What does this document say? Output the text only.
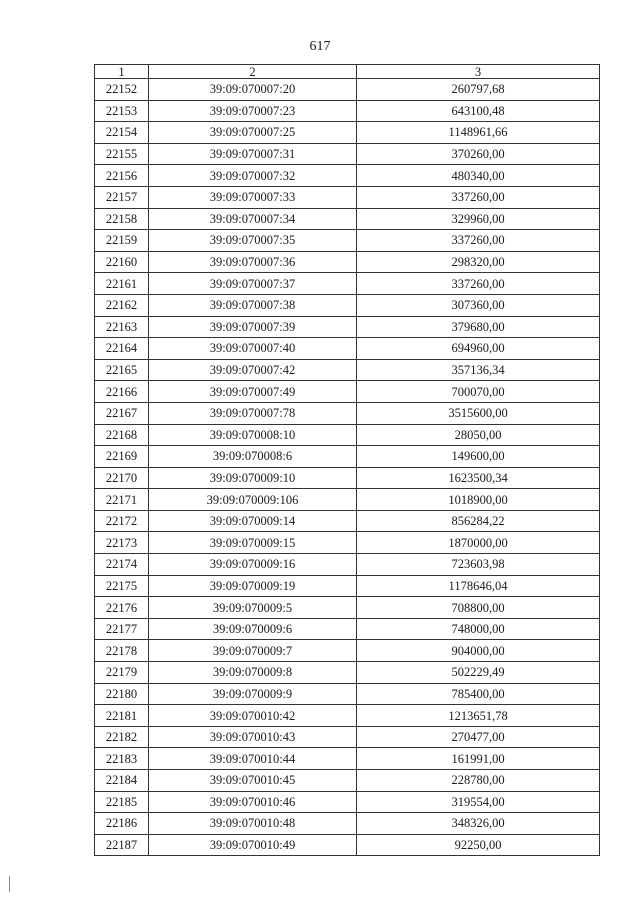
617
1	2	3
22152	39:09:070007:20	260797,68
22153	39:09:070007:23	643100,48
22154	39:09:070007:25	1148961,66
22155	39:09:070007:31	370260,00
22156	39:09:070007:32	480340,00
22157	39:09:070007:33	337260,00
22158	39:09:070007:34	329960,00
22159	39:09:070007:35	337260,00
22160	39:09:070007:36	298320,00
22161	39:09:070007:37	337260,00
22162	39:09:070007:38	307360,00
22163	39:09:070007:39	379680,00
22164	39:09:070007:40	694960,00
22165	39:09:070007:42	357136,34
22166	39:09:070007:49	700070,00
22167	39:09:070007:78	3515600,00
22168	39:09:070008:10	28050,00
22169	39:09:070008:6	149600,00
22170	39:09:070009:10	1623500,34
22171	39:09:070009:106	1018900,00
22172	39:09:070009:14	856284,22
22173	39:09:070009:15	1870000,00
22174	39:09:070009:16	723603,98
22175	39:09:070009:19	1178646,04
22176	39:09:070009:5	708800,00
22177	39:09:070009:6	748000,00
22178	39:09:070009:7	904000,00
22179	39:09:070009:8	502229,49
22180	39:09:070009:9	785400,00
22181	39:09:070010:42	1213651,78
22182	39:09:070010:43	270477,00
22183	39:09:070010:44	161991,00
22184	39:09:070010:45	228780,00
22185	39:09:070010:46	319554,00
22186	39:09:070010:48	348326,00
22187	39:09:070010:49	92250,00
